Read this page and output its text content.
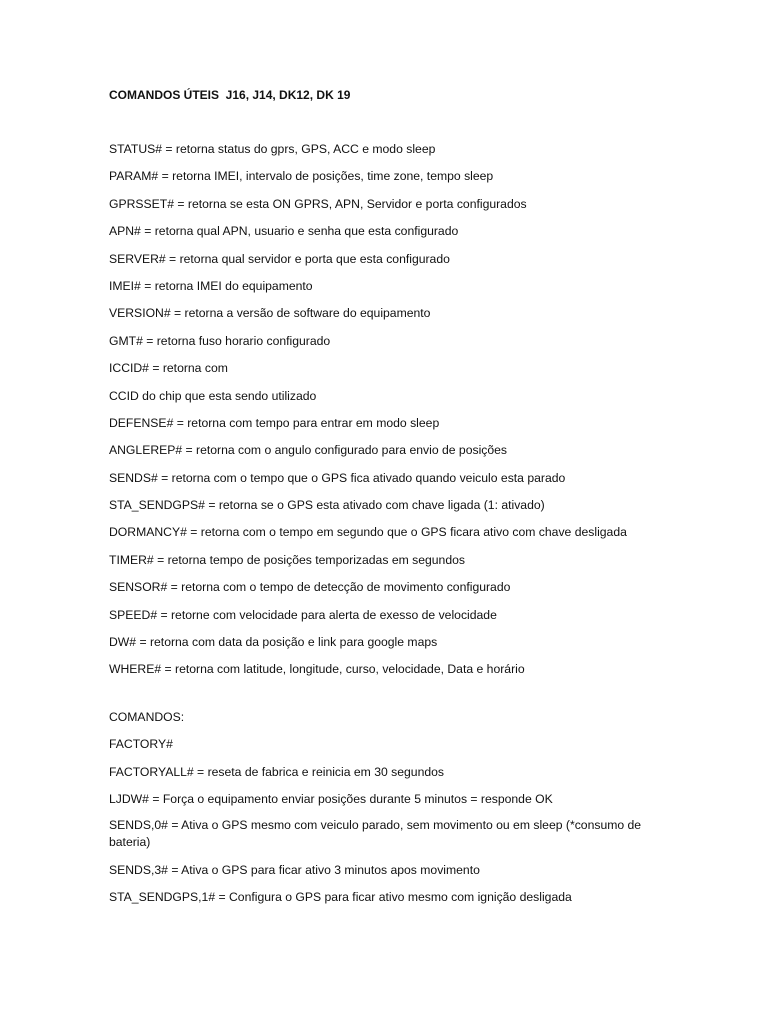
COMANDOS ÚTEIS  J16, J14, DK12, DK 19
STATUS# = retorna status do gprs, GPS, ACC e modo sleep
PARAM# = retorna IMEI, intervalo de posições, time zone, tempo sleep
GPRSSET# = retorna se esta ON GPRS, APN, Servidor e porta configurados
APN# = retorna qual APN, usuario e senha que esta configurado
SERVER# = retorna qual servidor e porta que esta configurado
IMEI# = retorna IMEI do equipamento
VERSION# = retorna a versão de software do equipamento
GMT# = retorna fuso horario configurado
ICCID# = retorna com
CCID do chip que esta sendo utilizado
DEFENSE# = retorna com tempo para entrar em modo sleep
ANGLEREP# = retorna com o angulo configurado para envio de posições
SENDS# = retorna com o tempo que o GPS fica ativado quando veiculo esta parado
STA_SENDGPS# = retorna se o GPS esta ativado com chave ligada (1: ativado)
DORMANCY# = retorna com o tempo em segundo que o GPS ficara ativo com chave desligada
TIMER# = retorna tempo de posições temporizadas em segundos
SENSOR# = retorna com o tempo de detecção de movimento configurado
SPEED# = retorne com velocidade para alerta de exesso de velocidade
DW# = retorna com data da posição e link para google maps
WHERE# = retorna com latitude, longitude, curso, velocidade, Data e horário
COMANDOS:
FACTORY#
FACTORYALL# = reseta de fabrica e reinicia em 30 segundos
LJDW# = Força o equipamento enviar posições durante 5 minutos = responde OK
SENDS,0# = Ativa o GPS mesmo com veiculo parado, sem movimento ou em sleep (*consumo de bateria)
SENDS,3# = Ativa o GPS para ficar ativo 3 minutos apos movimento
STA_SENDGPS,1# = Configura o GPS para ficar ativo mesmo com ignição desligada
